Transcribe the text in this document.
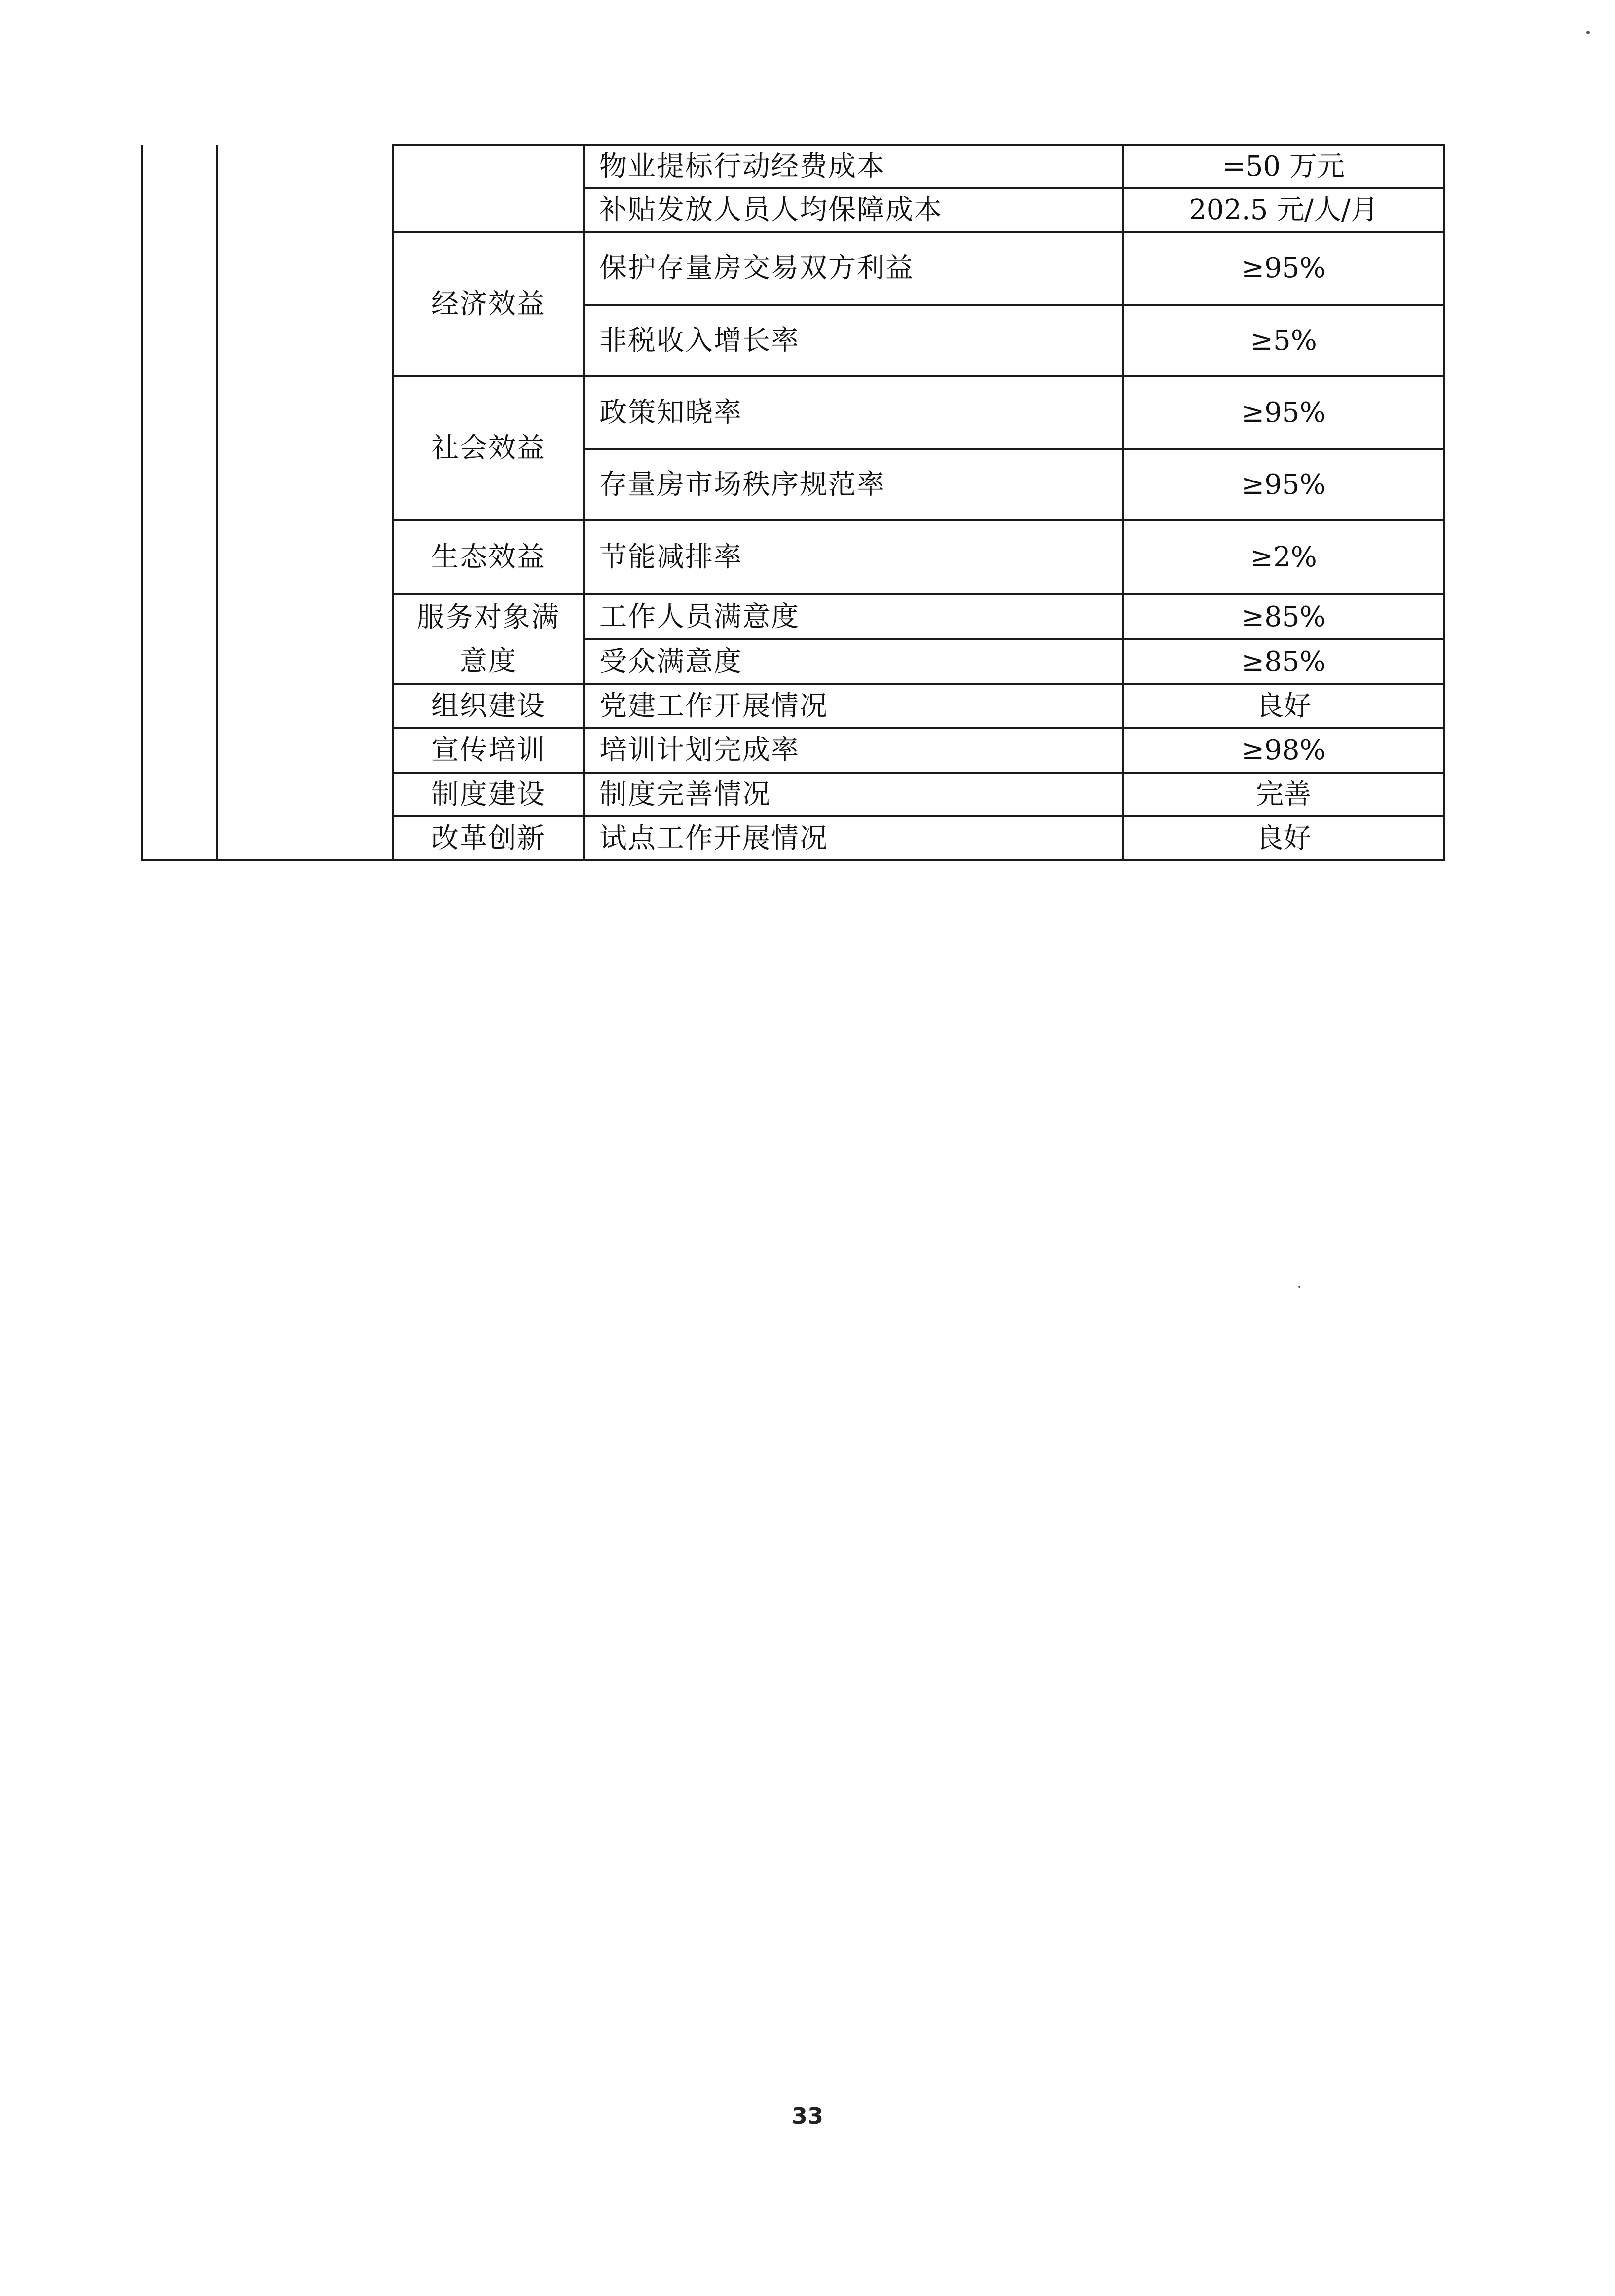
			物业提标行动经费成本	=50 万元
			补贴发放人员人均保障成本	202.5 元/人/月
		经济效益	保护存量房交易双方利益	≥95%
			非税收入增长率	≥5%
		社会效益	政策知晓率	≥95%
			存量房市场秩序规范率	≥95%
		生态效益	节能减排率	≥2%
		服务对象满意度	工作人员满意度	≥85%
			受众满意度	≥85%
		组织建设	党建工作开展情况	良好
		宣传培训	培训计划完成率	≥98%
		制度建设	制度完善情况	完善
		改革创新	试点工作开展情况	良好
33
